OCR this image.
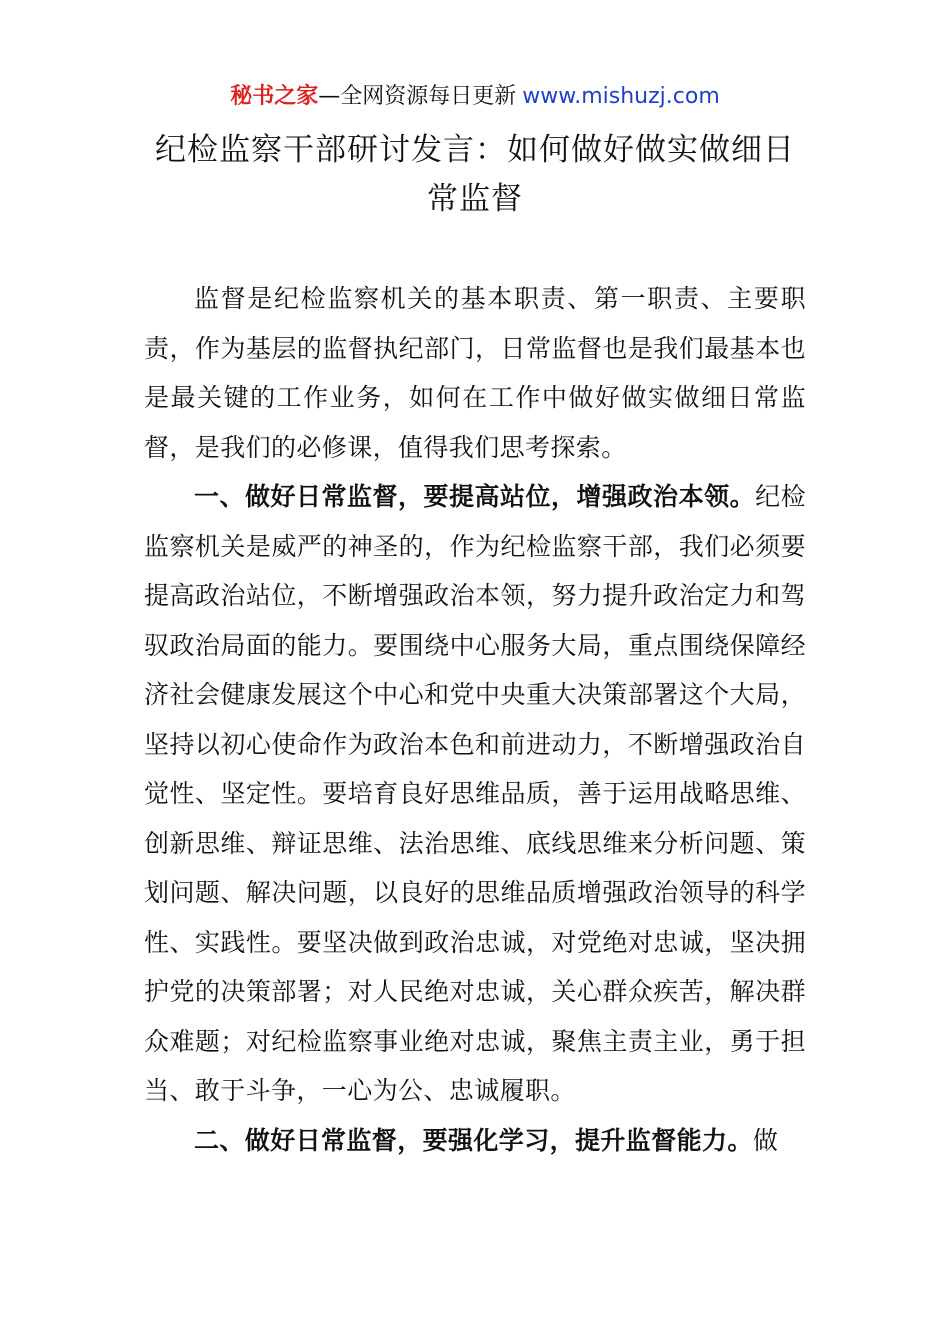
秘书之家—全网资源每日更新 www.mishuzj.com
纪检监察干部研讨发言：如何做好做实做细日常监督

监督是纪检监察机关的基本职责、第一职责、主要职责，作为基层的监督执纪部门，日常监督也是我们最基本也是最关键的工作业务，如何在工作中做好做实做细日常监督，是我们的必修课，值得我们思考探索。

一、做好日常监督，要提高站位，增强政治本领。纪检监察机关是威严的神圣的，作为纪检监察干部，我们必须要提高政治站位，不断增强政治本领，努力提升政治定力和驾驭政治局面的能力。要围绕中心服务大局，重点围绕保障经济社会健康发展这个中心和党中央重大决策部署这个大局，坚持以初心使命作为政治本色和前进动力，不断增强政治自觉性、坚定性。要培育良好思维品质，善于运用战略思维、创新思维、辩证思维、法治思维、底线思维来分析问题、策划问题、解决问题，以良好的思维品质增强政治领导的科学性、实践性。要坚决做到政治忠诚，对党绝对忠诚，坚决拥护党的决策部署；对人民绝对忠诚，关心群众疾苦，解决群众难题；对纪检监察事业绝对忠诚，聚焦主责主业，勇于担当、敢于斗争，一心为公、忠诚履职。

二、做好日常监督，要强化学习，提升监督能力。做
